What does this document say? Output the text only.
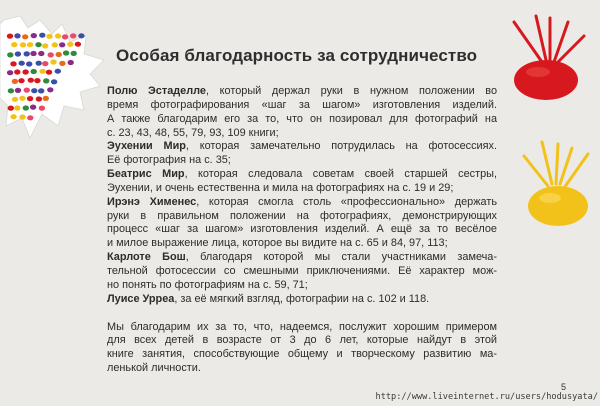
Особая благодарность за сотрудничество
Полю Эстаделле, который держал руки в нужном положении во
время фотографирования «шаг за шагом» изготовления изделий.
А также благодарим его за то, что он позировал для фотографий на
с. 23, 43, 48, 55, 79, 93, 109 книги;
Эухении Мир, которая замечательно потрудилась на фотосессиях.
Её фотография на с. 35;
Беатрис Мир, которая следовала советам своей старшей сестры,
Эухении, и очень естественна и мила на фотографиях на с. 19 и 29;
Ирэнэ Хименес, которая смогла столь «профессионально» держать
руки в правильном положении на фотографиях, демонстрирующих
процесс «шаг за шагом» изготовления изделий. А ещё за то весёлое
и милое выражение лица, которое вы видите на с. 65 и 84, 97, 113;
Карлоте Бош, благодаря которой мы стали участниками замеча-
тельной фотосессии со смешными приключениями. Её характер мож-
но понять по фотографиям на с. 59, 71;
Луисе Уррea, за её мягкий взгляд, фотографии на с. 102 и 118.
Мы благодарим их за то, что, надеемся, послужит хорошим примером
для всех детей в возрасте от 3 до 6 лет, которые найдут в этой
книге занятия, способствующие общему и творческому развитию ма-
ленькой личности.
5
http://www.liveinternet.ru/users/hodusyata/
